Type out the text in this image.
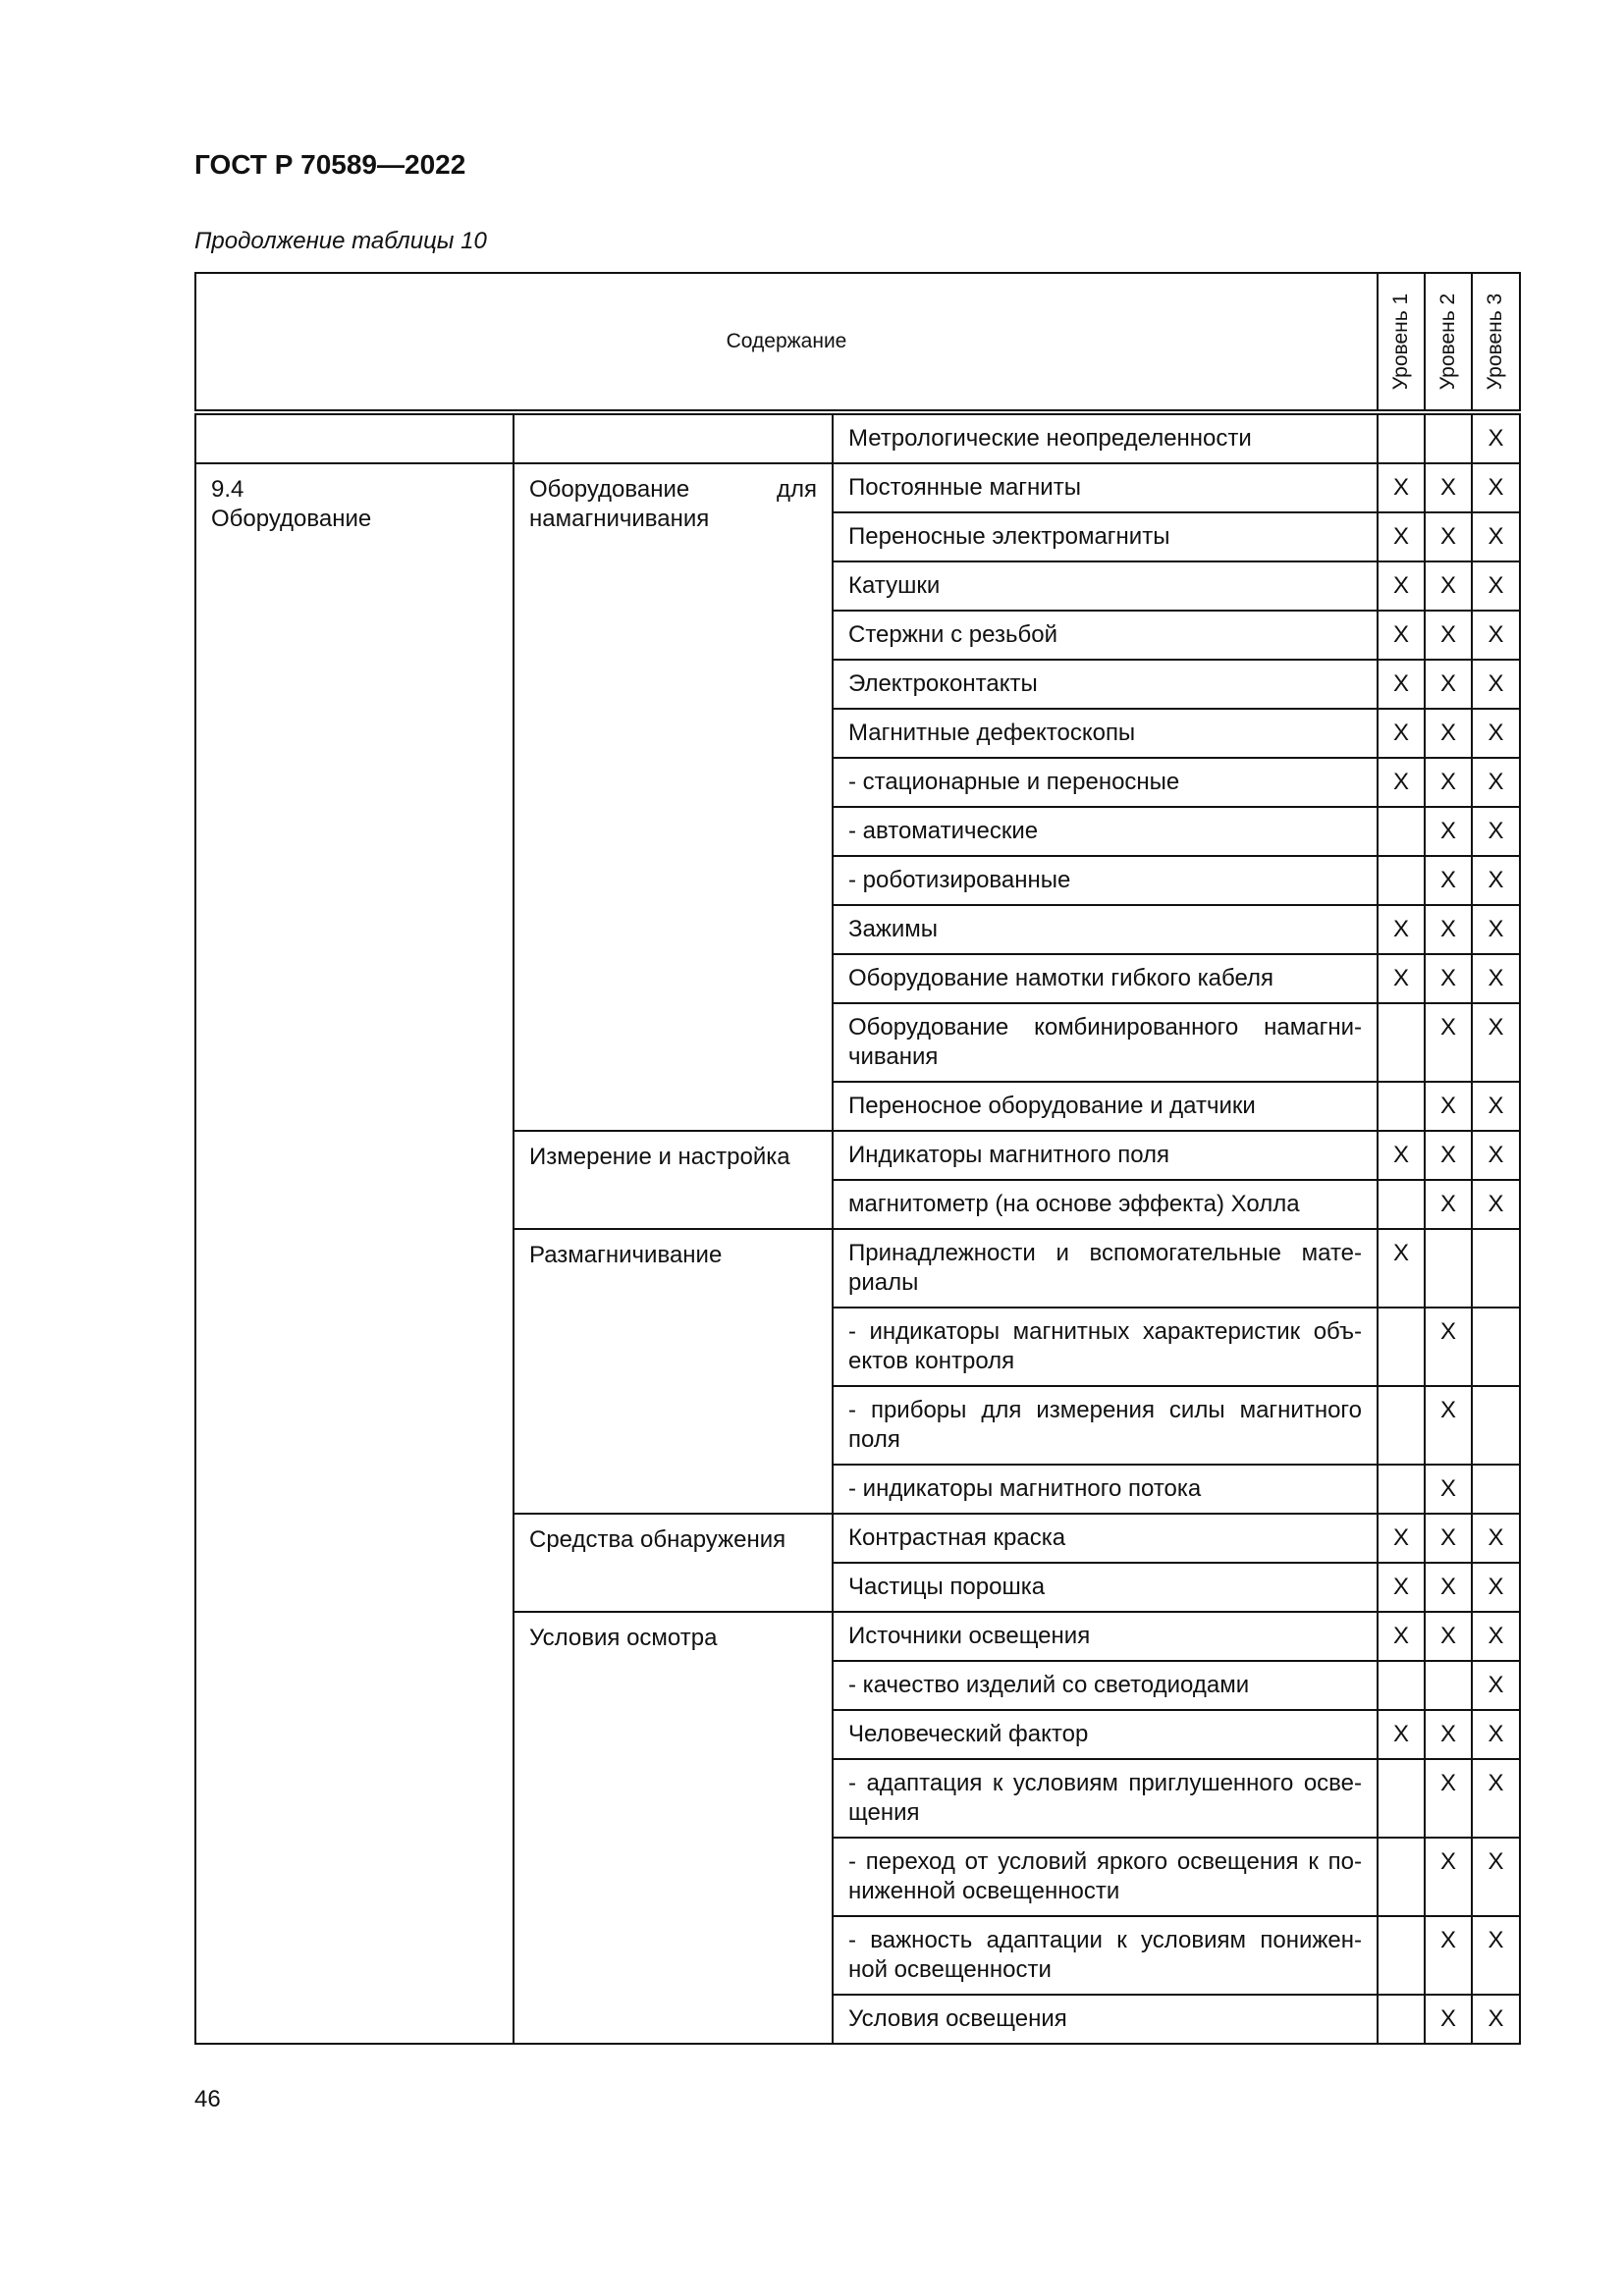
ГОСТ Р 70589—2022

Продолжение таблицы 10

Содержание			Уровень 1	Уровень 2	Уровень 3

		Метрологические неопределенности			X

9.4
Оборудование	Оборудование для намагничивания	Постоянные магниты	X	X	X
		Переносные электромагниты	X	X	X
		Катушки	X	X	X
		Стержни с резьбой	X	X	X
		Электроконтакты	X	X	X
		Магнитные дефектоскопы	X	X	X
		- стационарные и переносные	X	X	X
		- автоматические		X	X
		- роботизированные		X	X
		Зажимы	X	X	X
		Оборудование намотки гибкого кабеля	X	X	X
		Оборудование комбинированного намагни-чивания		X	X
		Переносное оборудование и датчики		X	X
	Измерение и настройка	Индикаторы магнитного поля	X	X	X
		магнитометр (на основе эффекта) Холла		X	X
	Размагничивание	Принадлежности и вспомогательные мате-риалы	X		
		- индикаторы магнитных характеристик объ-ектов контроля		X	
		- приборы для измерения силы магнитного поля		X	
		- индикаторы магнитного потока		X	
	Средства обнаружения	Контрастная краска	X	X	X
		Частицы порошка	X	X	X
	Условия осмотра	Источники освещения	X	X	X
		- качество изделий со светодиодами			X
		Человеческий фактор	X	X	X
		- адаптация к условиям приглушенного осве-щения		X	X
		- переход от условий яркого освещения к по-ниженной освещенности		X	X
		- важность адаптации к условиям понижен-ной освещенности		X	X
		Условия освещения		X	X
46
